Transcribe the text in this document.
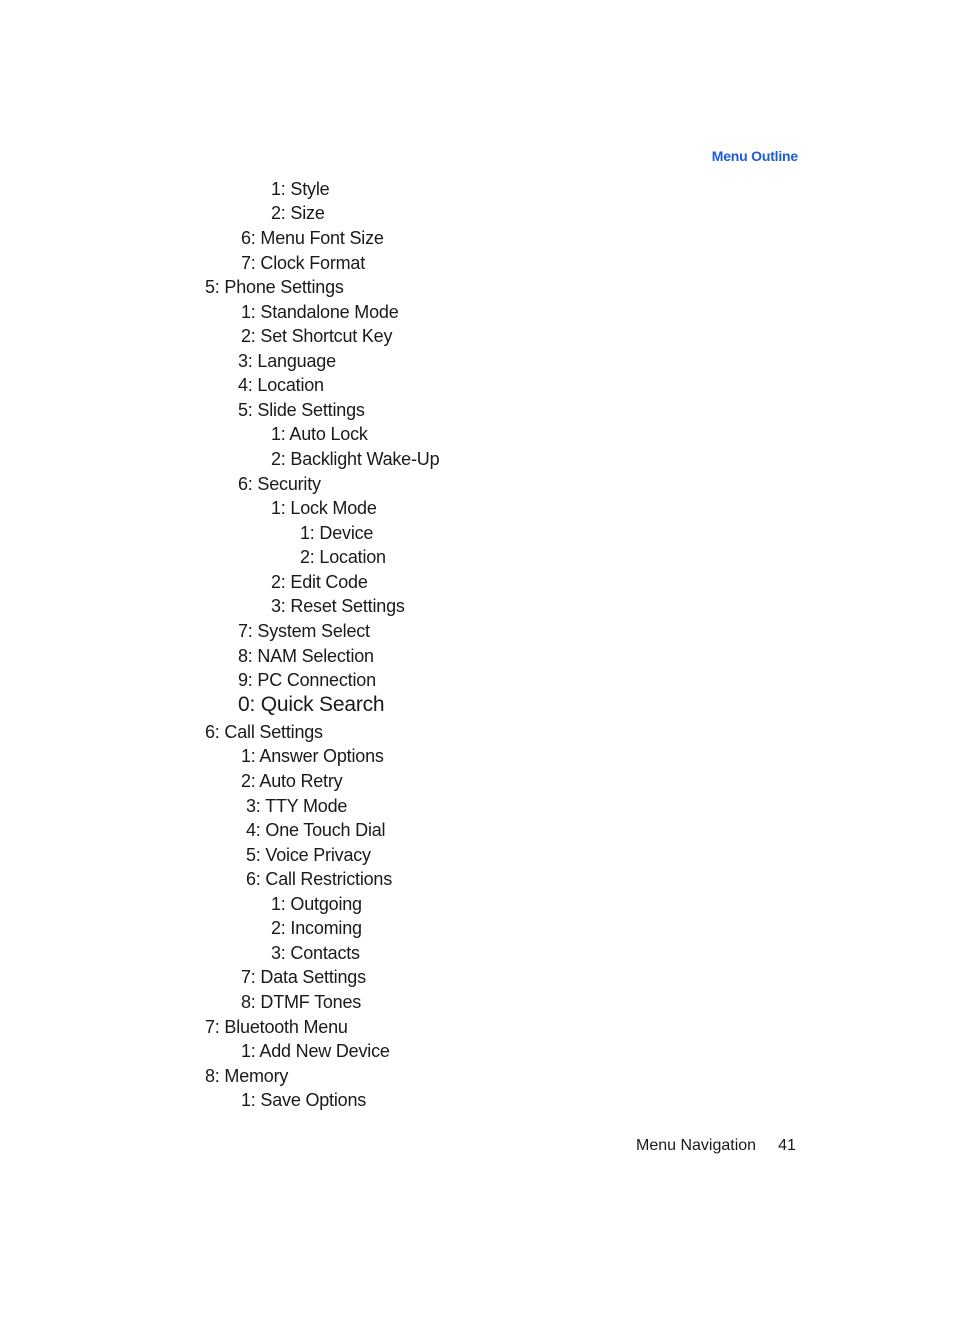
Menu Outline
1: Style
2: Size
6: Menu Font Size
7: Clock Format
5: Phone Settings
1: Standalone Mode
2: Set Shortcut Key
3: Language
4: Location
5: Slide Settings
1: Auto Lock
2: Backlight Wake-Up
6: Security
1: Lock Mode
1: Device
2: Location
2: Edit Code
3: Reset Settings
7: System Select
8: NAM Selection
9: PC Connection
0: Quick Search
6: Call Settings
1: Answer Options
2: Auto Retry
3: TTY Mode
4: One Touch Dial
5: Voice Privacy
6: Call Restrictions
1: Outgoing
2: Incoming
3: Contacts
7: Data Settings
8: DTMF Tones
7: Bluetooth Menu
1: Add New Device
8: Memory
1: Save Options
Menu Navigation 41
